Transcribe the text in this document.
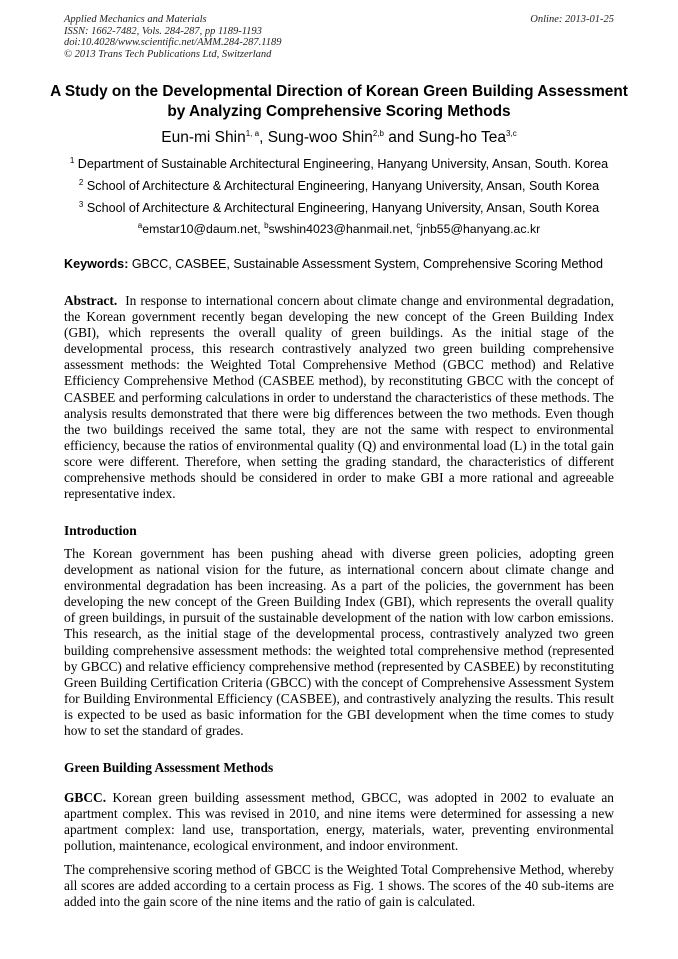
Applied Mechanics and Materials
ISSN: 1662-7482, Vols. 284-287, pp 1189-1193
doi:10.4028/www.scientific.net/AMM.284-287.1189
© 2013 Trans Tech Publications Ltd, Switzerland
Online: 2013-01-25
A Study on the Developmental Direction of Korean Green Building Assessment by Analyzing Comprehensive Scoring Methods
Eun-mi Shin$^{1, a}$, Sung-woo Shin$^{2,b}$ and Sung-ho Tea$^{3,c}$
$^1$ Department of Sustainable Architectural Engineering, Hanyang University, Ansan, South. Korea
$^2$ School of Architecture & Architectural Engineering, Hanyang University, Ansan, South Korea
$^3$ School of Architecture & Architectural Engineering, Hanyang University, Ansan, South Korea
$^a$emstar10@daum.net, $^b$swshin4023@hanmail.net, $^c$jnb55@hanyang.ac.kr
Keywords: GBCC, CASBEE, Sustainable Assessment System, Comprehensive Scoring Method
Abstract. In response to international concern about climate change and environmental degradation, the Korean government recently began developing the new concept of the Green Building Index (GBI), which represents the overall quality of green buildings. As the initial stage of the developmental process, this research contrastively analyzed two green building comprehensive assessment methods: the Weighted Total Comprehensive Method (GBCC method) and Relative Efficiency Comprehensive Method (CASBEE method), by reconstituting GBCC with the concept of CASBEE and performing calculations in order to understand the characteristics of these methods. The analysis results demonstrated that there were big differences between the two methods. Even though the two buildings received the same total, they are not the same with respect to environmental efficiency, because the ratios of environmental quality (Q) and environmental load (L) in the total gain score were different. Therefore, when setting the grading standard, the characteristics of different comprehensive methods should be considered in order to make GBI a more rational and agreeable representative index.
Introduction
The Korean government has been pushing ahead with diverse green policies, adopting green development as national vision for the future, as international concern about climate change and environmental degradation has been increasing. As a part of the policies, the government has been developing the new concept of the Green Building Index (GBI), which represents the overall quality of green buildings, in pursuit of the sustainable development of the nation with low carbon emissions. This research, as the initial stage of the developmental process, contrastively analyzed two green building comprehensive assessment methods: the weighted total comprehensive method (represented by GBCC) and relative efficiency comprehensive method (represented by CASBEE) by reconstituting Green Building Certification Criteria (GBCC) with the concept of Comprehensive Assessment System for Building Environmental Efficiency (CASBEE), and contrastively analyzing the results. This result is expected to be used as basic information for the GBI development when the time comes to study how to set the standard of grades.
Green Building Assessment Methods
GBCC. Korean green building assessment method, GBCC, was adopted in 2002 to evaluate an apartment complex. This was revised in 2010, and nine items were determined for assessing a new apartment complex: land use, transportation, energy, materials, water, preventing environmental pollution, maintenance, ecological environment, and indoor environment.
The comprehensive scoring method of GBCC is the Weighted Total Comprehensive Method, whereby all scores are added according to a certain process as Fig. 1 shows. The scores of the 40 sub-items are added into the gain score of the nine items and the ratio of gain is calculated.
